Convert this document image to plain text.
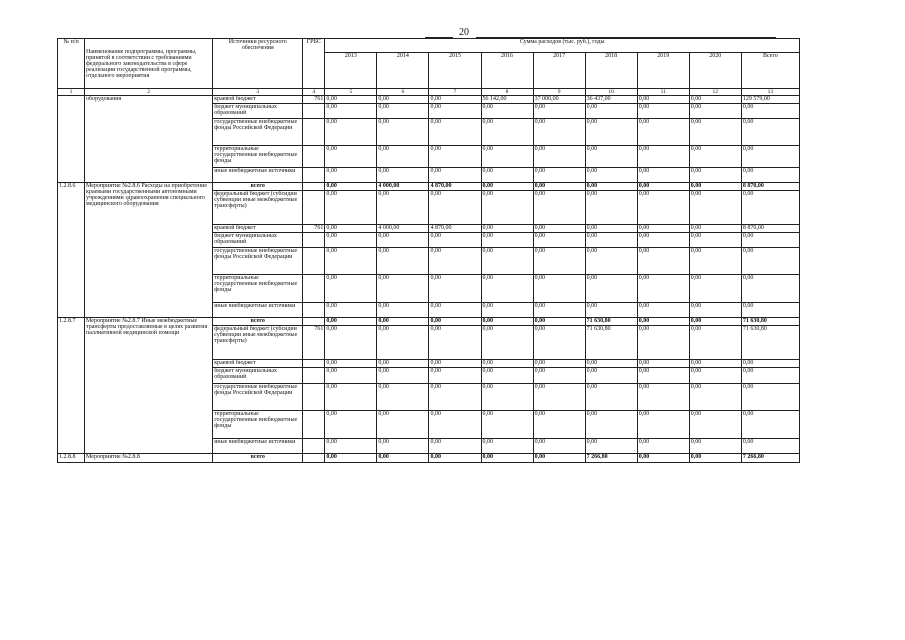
20
№ п/п	Наименование подпрограммы, программы, принятой в соответствии с требованиями федерального законодательства в сфере реализации государственной программы, отдельного мероприятия	Источники ресурсного обеспечения	ГРБС	Сумма расходов (тыс. руб.), годы								
				2013	2014	2015	2016	2017	2018	2019	2020	Всего
1	2	3	4	5	6	7	8	9	10	11	12	13
	оборудования	краевой бюджет	761	0,00	0,00	0,00	56 142,00	37 000,00	36 437,00	0,00	0,00	129 579,00
		бюджет муниципальных образований		0,00	0,00	0,00	0,00	0,00	0,00	0,00	0,00	0,00
		государственные внебюджетные фонды Российской Федерации		0,00	0,00	0,00	0,00	0,00	0,00	0,00	0,00	0,00
		территориальные государственные внебюджетные фонды		0,00	0,00	0,00	0,00	0,00	0,00	0,00	0,00	0,00
		иные внебюджетные источники		0,00	0,00	0,00	0,00	0,00	0,00	0,00	0,00	0,00
1.2.8.6	Мероприятие №2.8.6 Расходы на приобретение краевыми государственными автономными учреждениями здравоохранения специального медицинского оборудования	всего		0,00	4 000,00	4 870,00	0,00	0,00	0,00	0,00	0,00	8 870,00
		федеральный бюджет (субсидии субвенции иные межбюджетные трансферты)		0,00	0,00	0,00	0,00	0,00	0,00	0,00	0,00	0,00
		краевой бюджет	761	0,00	4 000,00	4 870,00	0,00	0,00	0,00	0,00	0,00	8 870,00
		бюджет муниципальных образований		0,00	0,00	0,00	0,00	0,00	0,00	0,00	0,00	0,00
		государственные внебюджетные фонды Российской Федерации		0,00	0,00	0,00	0,00	0,00	0,00	0,00	0,00	0,00
		территориальные государственные внебюджетные фонды		0,00	0,00	0,00	0,00	0,00	0,00	0,00	0,00	0,00
		иные внебюджетные источники		0,00	0,00	0,00	0,00	0,00	0,00	0,00	0,00	0,00
1.2.8.7	Мероприятие №2.8.7 Иные межбюджетные трансферты предоставляемые в целях развития паллиативной медицинской помощи	всего		0,00	0,00	0,00	0,00	0,00	71 630,80	0,00	0,00	71 630,80
		федеральный бюджет (субсидии субвенции иные межбюджетные трансферты)	761	0,00	0,00	0,00	0,00	0,00	71 630,80	0,00	0,00	71 630,80
		краевой бюджет		0,00	0,00	0,00	0,00	0,00	0,00	0,00	0,00	0,00
		бюджет муниципальных образований		0,00	0,00	0,00	0,00	0,00	0,00	0,00	0,00	0,00
		государственные внебюджетные фонды Российской Федерации		0,00	0,00	0,00	0,00	0,00	0,00	0,00	0,00	0,00
		территориальные государственные внебюджетные фонды		0,00	0,00	0,00	0,00	0,00	0,00	0,00	0,00	0,00
		иные внебюджетные источники		0,00	0,00	0,00	0,00	0,00	0,00	0,00	0,00	0,00
1.2.8.8	Мероприятие №2.8.8	всего		0,00	0,00	0,00	0,00	0,00	7 266,80	0,00	0,00	7 266,80
